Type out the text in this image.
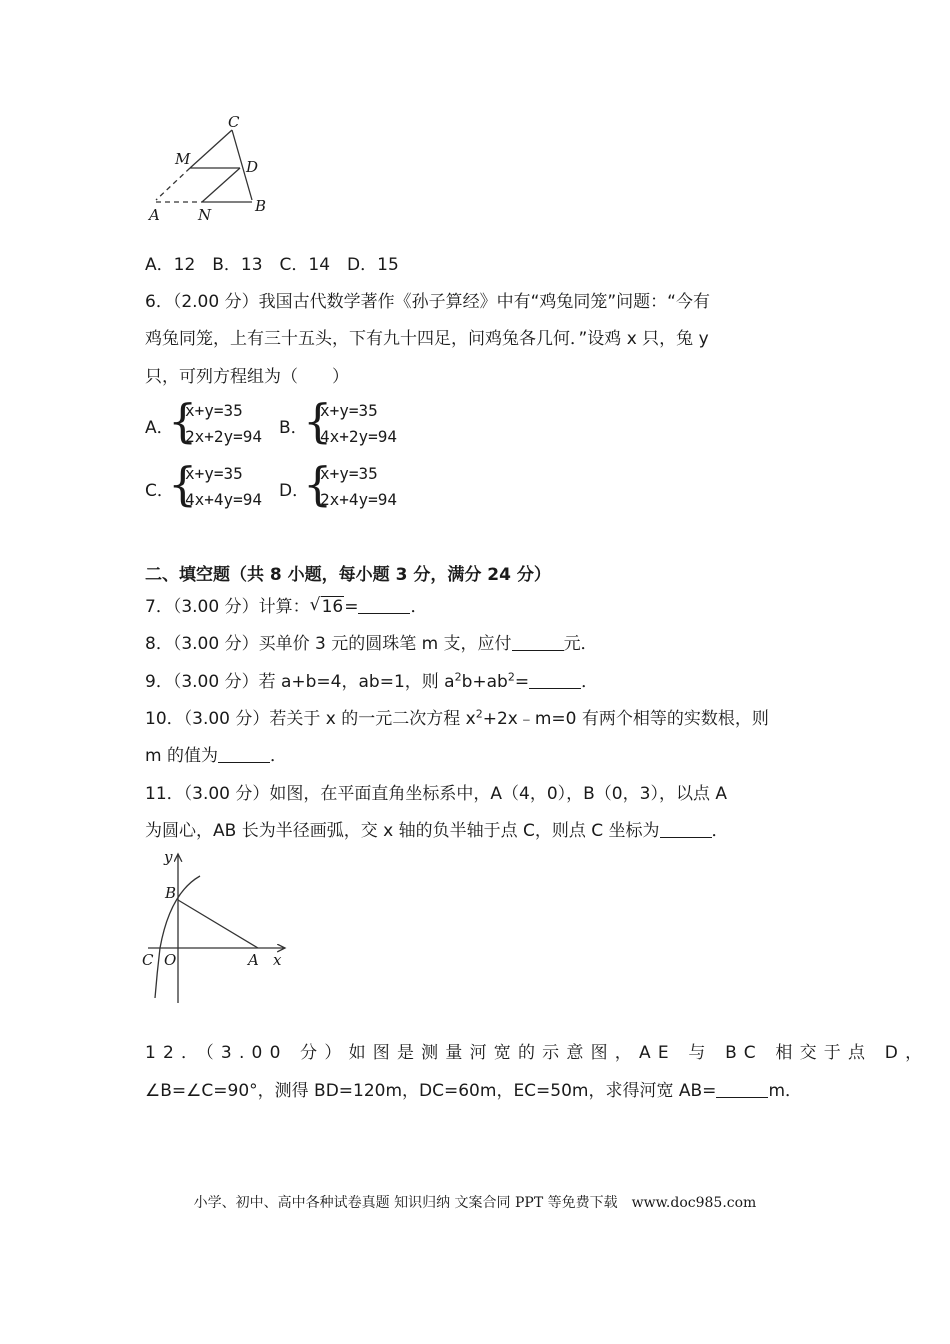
C
M	D
A	N	B
A．12　B．13　C．14　D．15
6．（2.00 分）我国古代数学著作《孙子算经》中有“鸡兔同笼”问题：“今有
鸡兔同笼，上有三十五头，下有九十四足，问鸡兔各几何．”设鸡 x 只，兔 y
只，可列方程组为（　　）
A．
{
x+y=35
2x+2y=94 B．
{
x+y=35
4x+2y=94
C．
{
x+y=35
4x+4y=94 D．
{
x+y=35
2x+4y=94
二、填空题（共 8 小题，每小题 3 分，满分 24 分）
7．（3.00 分）计算： √ 16=	．
8．（3.00 分）买单价 3 元的圆珠笔 m 支，应付	元．
9．（3.00 分）若 a+b=4，ab=1，则 $a^2b+ab^2=$	．
10．（3.00 分）若关于 x 的一元二次方程 $x^2+2x﹣m=0$ 有两个相等的实数根，则
m 的值为	．
11．（3.00 分）如图，在平面直角坐标系中，A（4，0），B（0，3），以点 A
为圆心，AB 长为半径画弧，交 x 轴的负半轴于点 C，则点 C 坐标为	．
y
B
C O	A x
12．（3.00 分）如图是测量河宽的示意图，AE 与 BC 相交于点 D，
∠B=∠C=90°，测得 BD=120m，DC=60m，EC=50m，求得河宽 AB=	m．
小学、初中、高中各种试卷真题 知识归纳 文案合同 PPT 等免费下载　www.doc985.com
